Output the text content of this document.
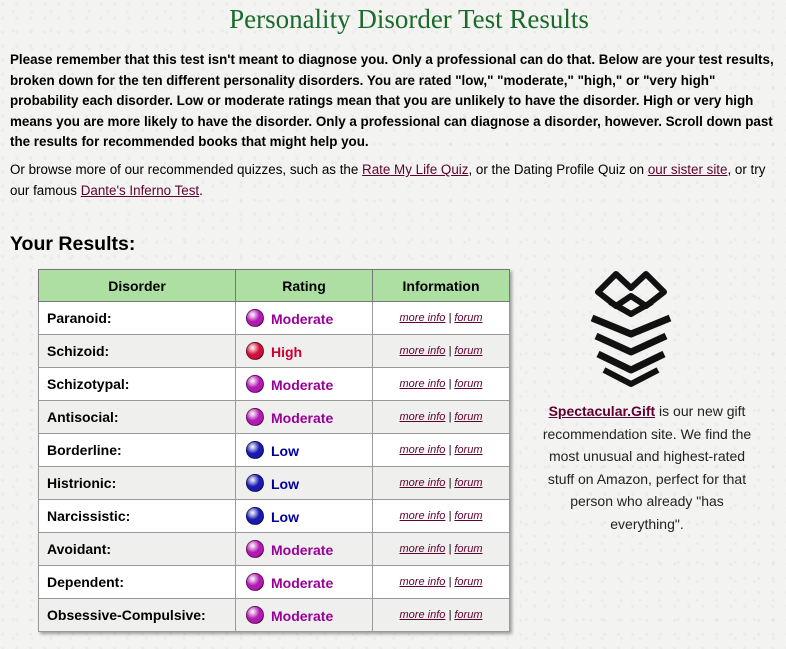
Personality Disorder Test Results

Please remember that this test isn't meant to diagnose you. Only a professional can do that. Below are your test results, broken down for the ten different personality disorders. You are rated "low," "moderate," "high," or "very high" probability each disorder. Low or moderate ratings mean that you are unlikely to have the disorder. High or very high means you are more likely to have the disorder. Only a professional can diagnose a disorder, however. Scroll down past the results for recommended books that might help you.

Or browse more of our recommended quizzes, such as the Rate My Life Quiz, or the Dating Profile Quiz on our sister site, or try our famous Dante's Inferno Test.

Your Results:
Disorder	Rating	Information
Paranoid:	Moderate	more info | forum
Schizoid:	High	more info | forum
Schizotypal:	Moderate	more info | forum
Antisocial:	Moderate	more info | forum
Borderline:	Low	more info | forum
Histrionic:	Low	more info | forum
Narcissistic:	Low	more info | forum
Avoidant:	Moderate	more info | forum
Dependent:	Moderate	more info | forum
Obsessive-Compulsive:	Moderate	more info | forum

Spectacular.Gift is our new gift recommendation site. We find the most unusual and highest-rated stuff on Amazon, perfect for that person who already "has everything".
